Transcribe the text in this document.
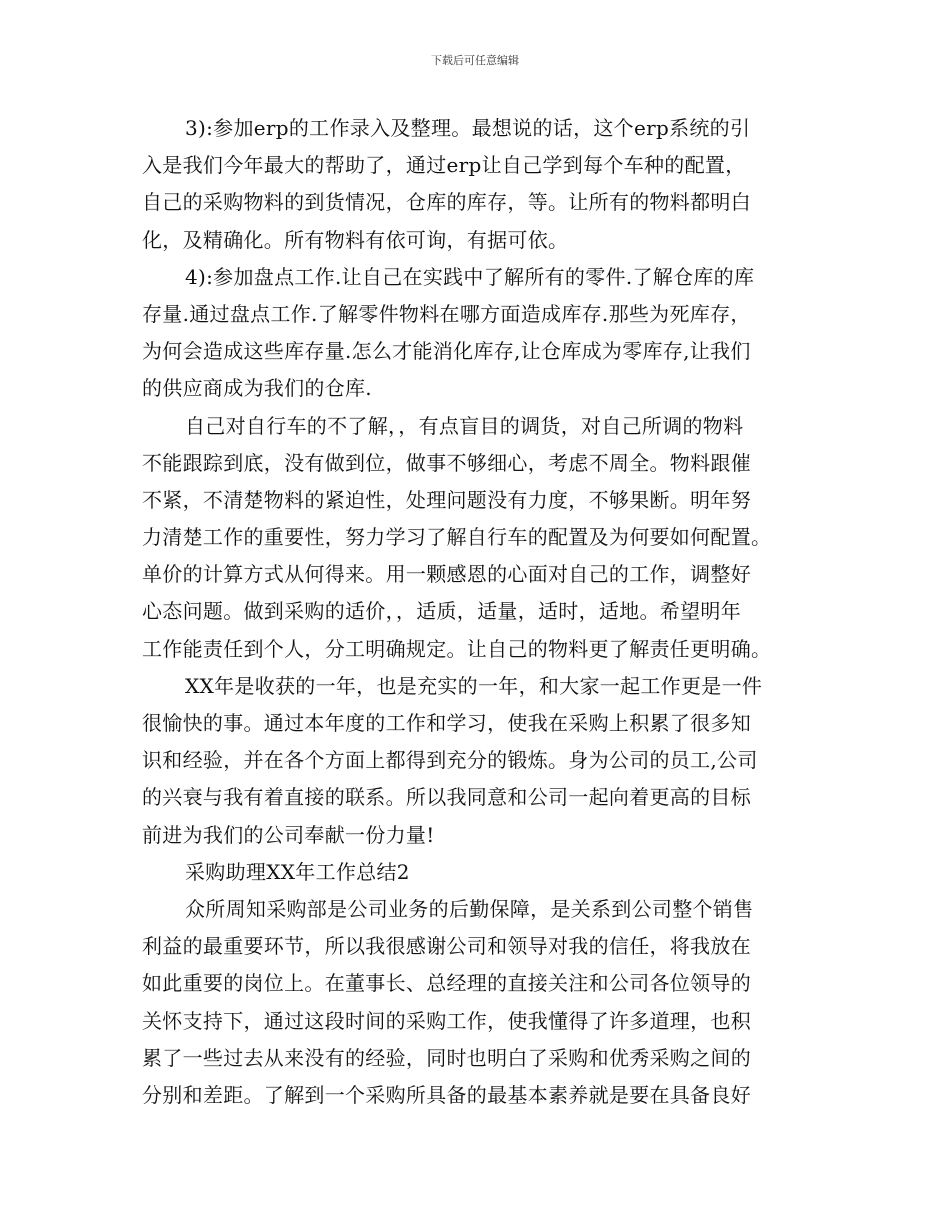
下载后可任意编辑
3):参加erp的工作录入及整理。最想说的话，这个erp系统的引
入是我们今年最大的帮助了，通过erp让自己学到每个车种的配置，
自己的采购物料的到货情况，仓库的库存，等。让所有的物料都明白
化，及精确化。所有物料有依可询，有据可依。
4):参加盘点工作.让自己在实践中了解所有的零件.了解仓库的库
存量.通过盘点工作.了解零件物料在哪方面造成库存.那些为死库存，
为何会造成这些库存量.怎么才能消化库存,让仓库成为零库存,让我们
的供应商成为我们的仓库.
自己对自行车的不了解，，有点盲目的调货，对自己所调的物料
不能跟踪到底，没有做到位，做事不够细心，考虑不周全。物料跟催
不紧，不清楚物料的紧迫性，处理问题没有力度，不够果断。明年努
力清楚工作的重要性，努力学习了解自行车的配置及为何要如何配置。
单价的计算方式从何得来。用一颗感恩的心面对自己的工作，调整好
心态问题。做到采购的适价，，适质，适量，适时，适地。希望明年
工作能责任到个人，分工明确规定。让自己的物料更了解责任更明确。
XX年是收获的一年，也是充实的一年，和大家一起工作更是一件
很愉快的事。通过本年度的工作和学习，使我在采购上积累了很多知
识和经验，并在各个方面上都得到充分的锻炼。身为公司的员工,公司
的兴衰与我有着直接的联系。所以我同意和公司一起向着更高的目标
前进为我们的公司奉献一份力量!
采购助理XX年工作总结2
众所周知采购部是公司业务的后勤保障，是关系到公司整个销售
利益的最重要环节，所以我很感谢公司和领导对我的信任，将我放在
如此重要的岗位上。在董事长、总经理的直接关注和公司各位领导的
关怀支持下，通过这段时间的采购工作，使我懂得了许多道理，也积
累了一些过去从来没有的经验，同时也明白了采购和优秀采购之间的
分别和差距。了解到一个采购所具备的最基本素养就是要在具备良好
